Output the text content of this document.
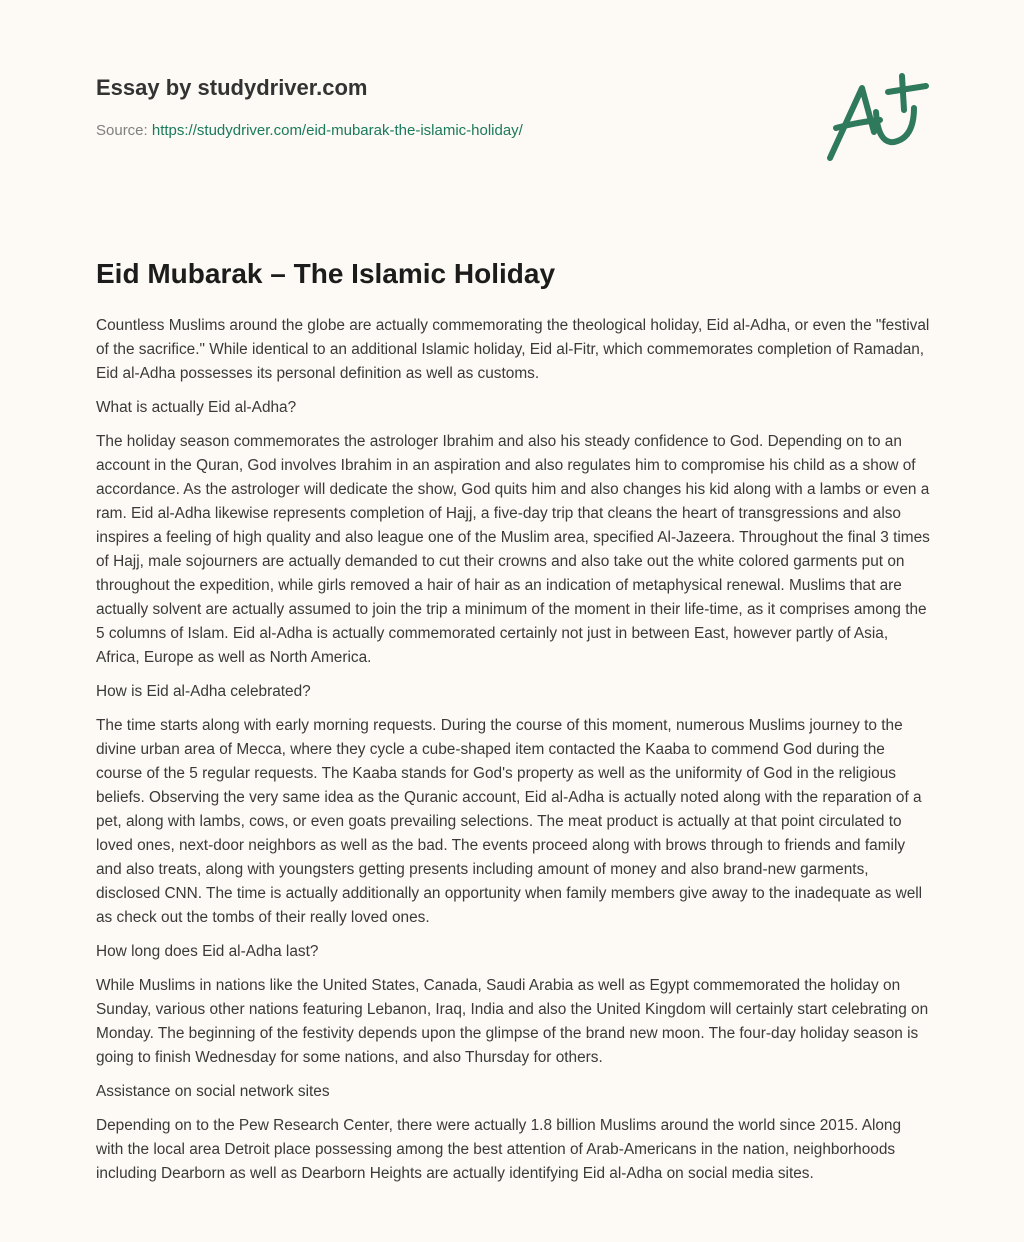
Essay by studydriver.com
Source: https://studydriver.com/eid-mubarak-the-islamic-holiday/
Eid Mubarak – The Islamic Holiday

Countless Muslims around the globe are actually commemorating the theological holiday, Eid al-Adha, or even the "festival of the sacrifice." While identical to an additional Islamic holiday, Eid al-Fitr, which commemorates completion of Ramadan, Eid al-Adha possesses its personal definition as well as customs.

What is actually Eid al-Adha?

The holiday season commemorates the astrologer Ibrahim and also his steady confidence to God. Depending on to an account in the Quran, God involves Ibrahim in an aspiration and also regulates him to compromise his child as a show of accordance. As the astrologer will dedicate the show, God quits him and also changes his kid along with a lambs or even a ram. Eid al-Adha likewise represents completion of Hajj, a five-day trip that cleans the heart of transgressions and also inspires a feeling of high quality and also league one of the Muslim area, specified Al-Jazeera. Throughout the final 3 times of Hajj, male sojourners are actually demanded to cut their crowns and also take out the white colored garments put on throughout the expedition, while girls removed a hair of hair as an indication of metaphysical renewal. Muslims that are actually solvent are actually assumed to join the trip a minimum of the moment in their life-time, as it comprises among the 5 columns of Islam. Eid al-Adha is actually commemorated certainly not just in between East, however partly of Asia, Africa, Europe as well as North America.

How is Eid al-Adha celebrated?

The time starts along with early morning requests. During the course of this moment, numerous Muslims journey to the divine urban area of Mecca, where they cycle a cube-shaped item contacted the Kaaba to commend God during the course of the 5 regular requests. The Kaaba stands for God's property as well as the uniformity of God in the religious beliefs. Observing the very same idea as the Quranic account, Eid al-Adha is actually noted along with the reparation of a pet, along with lambs, cows, or even goats prevailing selections. The meat product is actually at that point circulated to loved ones, next-door neighbors as well as the bad. The events proceed along with brows through to friends and family and also treats, along with youngsters getting presents including amount of money and also brand-new garments, disclosed CNN. The time is actually additionally an opportunity when family members give away to the inadequate as well as check out the tombs of their really loved ones.

How long does Eid al-Adha last?

While Muslims in nations like the United States, Canada, Saudi Arabia as well as Egypt commemorated the holiday on Sunday, various other nations featuring Lebanon, Iraq, India and also the United Kingdom will certainly start celebrating on Monday. The beginning of the festivity depends upon the glimpse of the brand new moon. The four-day holiday season is going to finish Wednesday for some nations, and also Thursday for others.

Assistance on social network sites

Depending on to the Pew Research Center, there were actually 1.8 billion Muslims around the world since 2015. Along with the local area Detroit place possessing among the best attention of Arab-Americans in the nation, neighborhoods including Dearborn as well as Dearborn Heights are actually identifying Eid al-Adha on social media sites.
